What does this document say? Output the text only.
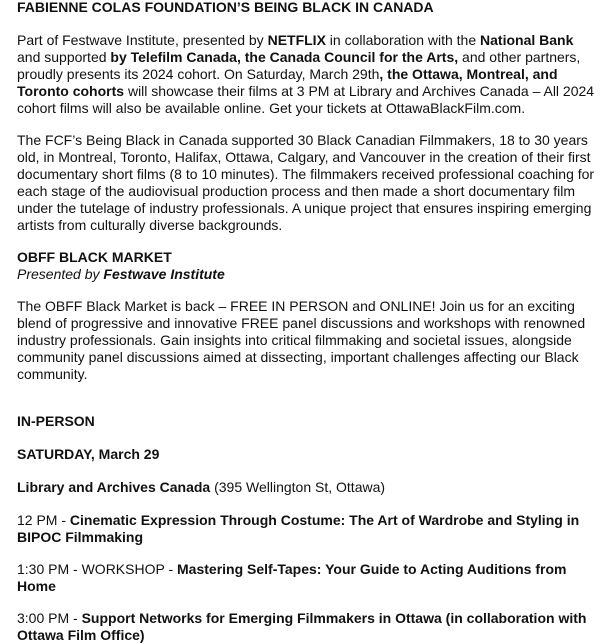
FABIENNE COLAS FOUNDATION’S BEING BLACK IN CANADA

Part of Festwave Institute, presented by NETFLIX in collaboration with the National Bank and supported by Telefilm Canada, the Canada Council for the Arts, and other partners, proudly presents its 2024 cohort. On Saturday, March 29th, the Ottawa, Montreal, and Toronto cohorts will showcase their films at 3 PM at Library and Archives Canada – All 2024 cohort films will also be available online. Get your tickets at OttawaBlackFilm.com.

The FCF’s Being Black in Canada supported 30 Black Canadian Filmmakers, 18 to 30 years old, in Montreal, Toronto, Halifax, Ottawa, Calgary, and Vancouver in the creation of their first documentary short films (8 to 10 minutes). The filmmakers received professional coaching for each stage of the audiovisual production process and then made a short documentary film under the tutelage of industry professionals. A unique project that ensures inspiring emerging artists from culturally diverse backgrounds.

OBFF BLACK MARKET

Presented by Festwave Institute

The OBFF Black Market is back – FREE IN PERSON and ONLINE! Join us for an exciting blend of progressive and innovative FREE panel discussions and workshops with renowned industry professionals. Gain insights into critical filmmaking and societal issues, alongside community panel discussions aimed at dissecting, important challenges affecting our Black community.

IN-PERSON

SATURDAY, March 29

Library and Archives Canada (395 Wellington St, Ottawa)

12 PM - Cinematic Expression Through Costume: The Art of Wardrobe and Styling in BIPOC Filmmaking

1:30 PM - WORKSHOP - Mastering Self-Tapes: Your Guide to Acting Auditions from Home

3:00 PM - Support Networks for Emerging Filmmakers in Ottawa (in collaboration with Ottawa Film Office)
